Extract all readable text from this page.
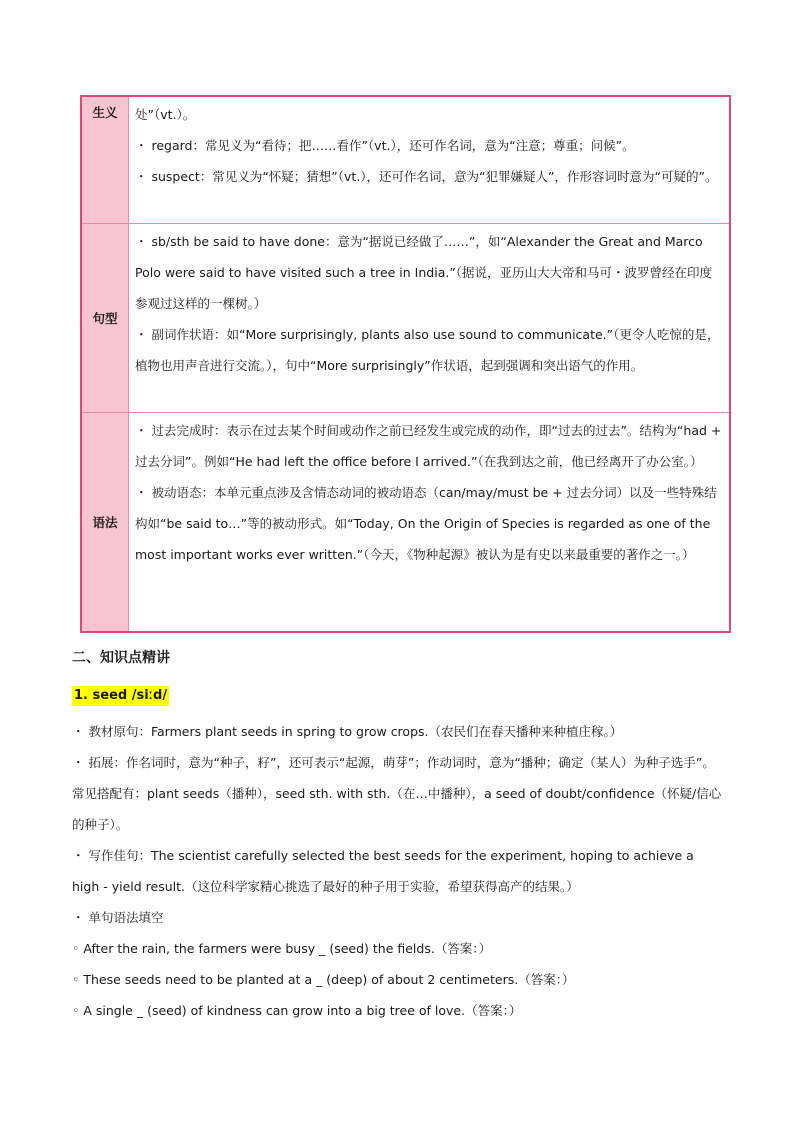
生义	处”（vt.）。

・ regard：常见义为“看待；把……看作”（vt.），还可作名词，意为“注意；尊重；问候”。

・ suspect：常见义为“怀疑；猜想”（vt.），还可作名词，意为“犯罪嫌疑人”，作形容词时意为“可疑的”。

句型

・ sb/sth be said to have done：意为“据说已经做了……”，如“Alexander the Great and Marco Polo were said to have visited such a tree in India.”（据说，亚历山大大帝和马可・波罗曾经在印度参观过这样的一棵树。）

・ 副词作状语：如“More surprisingly, plants also use sound to communicate.”（更令人吃惊的是，植物也用声音进行交流。），句中“More surprisingly”作状语，起到强调和突出语气的作用。

语法

・ 过去完成时：表示在过去某个时间或动作之前已经发生或完成的动作，即“过去的过去”。结构为“had + 过去分词”。例如“He had left the office before I arrived.”（在我到达之前，他已经离开了办公室。）

・ 被动语态：本单元重点涉及含情态动词的被动语态（can/may/must be + 过去分词）以及一些特殊结构如“be said to…”等的被动形式。如“Today, On the Origin of Species is regarded as one of the most important works ever written.”（今天，《物种起源》被认为是有史以来最重要的著作之一。）

二、知识点精讲
1. seed /siːd/

・ 教材原句：Farmers plant seeds in spring to grow crops.（农民们在春天播种来种植庄稼。）

・ 拓展：作名词时，意为“种子，籽”，还可表示“起源，萌芽”；作动词时，意为“播种；确定（某人）为种子选手”。常见搭配有：plant seeds（播种），seed sth. with sth.（在…中播种），a seed of doubt/confidence（怀疑/信心的种子）。

・ 写作佳句：The scientist carefully selected the best seeds for the experiment, hoping to achieve a high - yield result.（这位科学家精心挑选了最好的种子用于实验，希望获得高产的结果。）

・ 单句语法填空

◦ After the rain, the farmers were busy _ (seed) the fields.（答案：）

◦ These seeds need to be planted at a _ (deep) of about 2 centimeters.（答案：）

◦ A single _ (seed) of kindness can grow into a big tree of love.（答案：）
